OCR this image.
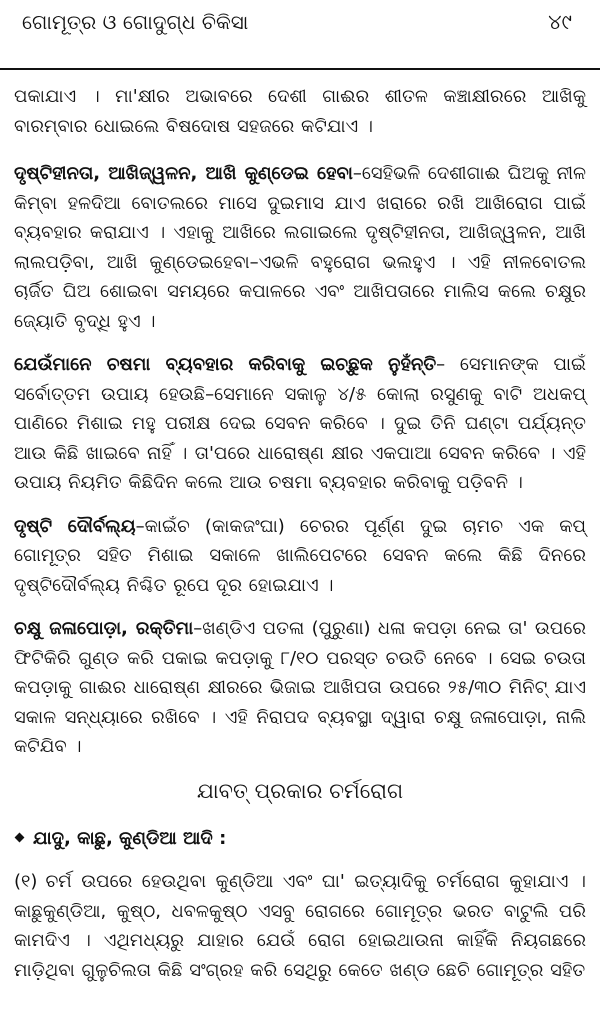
ଗୋମୂତ୍ର ଓ ଗୋଦୁଗ୍ଧ ଚିକିସା	୪୯

ପକାଯାଏ । ମା'କ୍ଷୀର ଅଭାବରେ ଦେଶୀ ଗାଈର ଶୀତଳ କଞ୍ଚାକ୍ଷୀରରେ ଆଖିକୁ ବାରମ୍ବାର ଧୋଇଲେ ବିଷଦୋଷ ସହଜରେ କଟିଯାଏ ।

ଦୃଷ୍ଟିହୀନତା, ଆଖିଜ୍ୱଳନ, ଆଖି କୁଣ୍ଡେଇ ହେବା–ସେହିଭଳି ଦେଶୀଗାଈ ଘିଅକୁ ନୀଳ କିମ୍ବା ହଳଦିଆ ବୋତଲରେ ମାସେ ଦୁଇମାସ ଯାଏ ଖରାରେ ରଖି ଆଖିରୋଗ ପାଇଁ ବ୍ୟବହାର କରାଯାଏ । ଏହାକୁ ଆଖିରେ ଲଗାଇଲେ ଦୃଷ୍ଟିହୀନତା, ଆଖିଜ୍ୱଳନ, ଆଖି ଲାଲପଡ଼ିବା, ଆଖି କୁଣ୍ଡେଇହେବା–ଏଭଳି ବହୁରୋଗ ଭଲହୁଏ । ଏହି ନୀଳବୋତଲ ଚାର୍ଜିତ ଘିଅ ଶୋଇବା ସମୟରେ କପାଳରେ ଏବଂ ଆଖିପତାରେ ମାଲିସ କଲେ ଚକ୍ଷୁର ଜ୍ୟୋତି ବୃଦ୍ଧି ହୁଏ ।

ଯେଉଁମାନେ ଚଷମା ବ୍ୟବହାର କରିବାକୁ ଇଚ୍ଛୁକ ନୁହଁନ୍ତି– ସେମାନଙ୍କ ପାଇଁ ସର୍ବୋତ୍ତମ ଉପାୟ ହେଉଛି–ସେମାନେ ସକାଳୁ ୪/୫ କୋଲା ରସୁଣକୁ ବାଟି ଅଧକପ୍ ପାଣିରେ ମିଶାଇ ମହୁ ପରୀକ୍ଷ ଦେଇ ସେବନ କରିବେ । ଦୁଇ ତିନି ଘଣ୍ଟା ପର୍ଯ୍ୟନ୍ତ ଆଉ କିଛି ଖାଇବେ ନାହିଁ । ତା'ପରେ ଧାରୋଷ୍ଣ କ୍ଷୀର ଏକପାଆ ସେବନ କରିବେ । ଏହି ଉପାୟ ନିୟମିତ କିଛିଦିନ କଲେ ଆଉ ଚଷମା ବ୍ୟବହାର କରିବାକୁ ପଡ଼ିବନି ।

ଦୃଷ୍ଟି ଦୌର୍ବଲ୍ୟ–କାଇଁଚ (କାକଜଂଘା) ଚେରର ପୂର୍ଣ୍ଣ ଦୁଇ ଚାମଚ ଏକ କପ୍ ଗୋମୂତ୍ର ସହିତ ମିଶାଇ ସକାଳେ ଖାଲିପେଟରେ ସେବନ କଲେ କିଛି ଦିନରେ ଦୃଷ୍ଟିଦୌର୍ବଲ୍ୟ ନିଶ୍ଚିତ ରୂପେ ଦୂର ହୋଇଯାଏ ।

ଚକ୍ଷୁ ଜଳାପୋଡ଼ା, ରକ୍ତିମା–ଖଣ୍ଡିଏ ପତଳା (ପୁରୁଣା) ଧଳା କପଡ଼ା ନେଇ ତା' ଉପରେ ଫିଟିକିରି ଗୁଣ୍ଡ କରି ପକାଇ କପଡ଼ାକୁ ୮/୧୦ ପରସ୍ତ ଚଉତି ନେବେ । ସେଇ ଚଉତା କପଡ଼ାକୁ ଗାଈର ଧାରୋଷ୍ଣ କ୍ଷୀରରେ ଭିଜାଇ ଆଖିପତା ଉପରେ ୨୫/୩୦ ମିନିଟ୍ ଯାଏ ସକାଳ ସନ୍ଧ୍ୟାରେ ରଖିବେ । ଏହି ନିରାପଦ ବ୍ୟବସ୍ଥା ଦ୍ୱାରା ଚକ୍ଷୁ ଜଳାପୋଡ଼ା, ନାଲି କଟିଯିବ ।

ଯାବତ୍ ପ୍ରକାର ଚର୍ମରୋଗ
ଯାଦୁ, କାଛୁ, କୁଣ୍ଡିଆ ଆଦି :

(୧) ଚର୍ମ ଉପରେ ହେଉଥିବା କୁଣ୍ଡିଆ ଏବଂ ଘା' ଇତ୍ୟାଦିକୁ ଚର୍ମରୋଗ କୁହାଯାଏ । କାଛୁକୁଣ୍ଡିଆ, କୁଷ୍ଠ, ଧବଳକୁଷ୍ଠ ଏସବୁ ରୋଗରେ ଗୋମୂତ୍ର ଭରତ ବାଟୁଲି ପରି କାମଦିଏ । ଏଥିମଧ୍ୟରୁ ଯାହାର ଯେଉଁ ରୋଗ ହୋଇଥାଉନା କାହିଁକି ନିୟଗଛରେ ମାଡ଼ିଥିବା ଗୁଳୁଚିଲତା କିଛି ସଂଗ୍ରହ କରି ସେଥିରୁ କେତେ ଖଣ୍ଡ ଛେଚି ଗୋମୂତ୍ର ସହିତ
